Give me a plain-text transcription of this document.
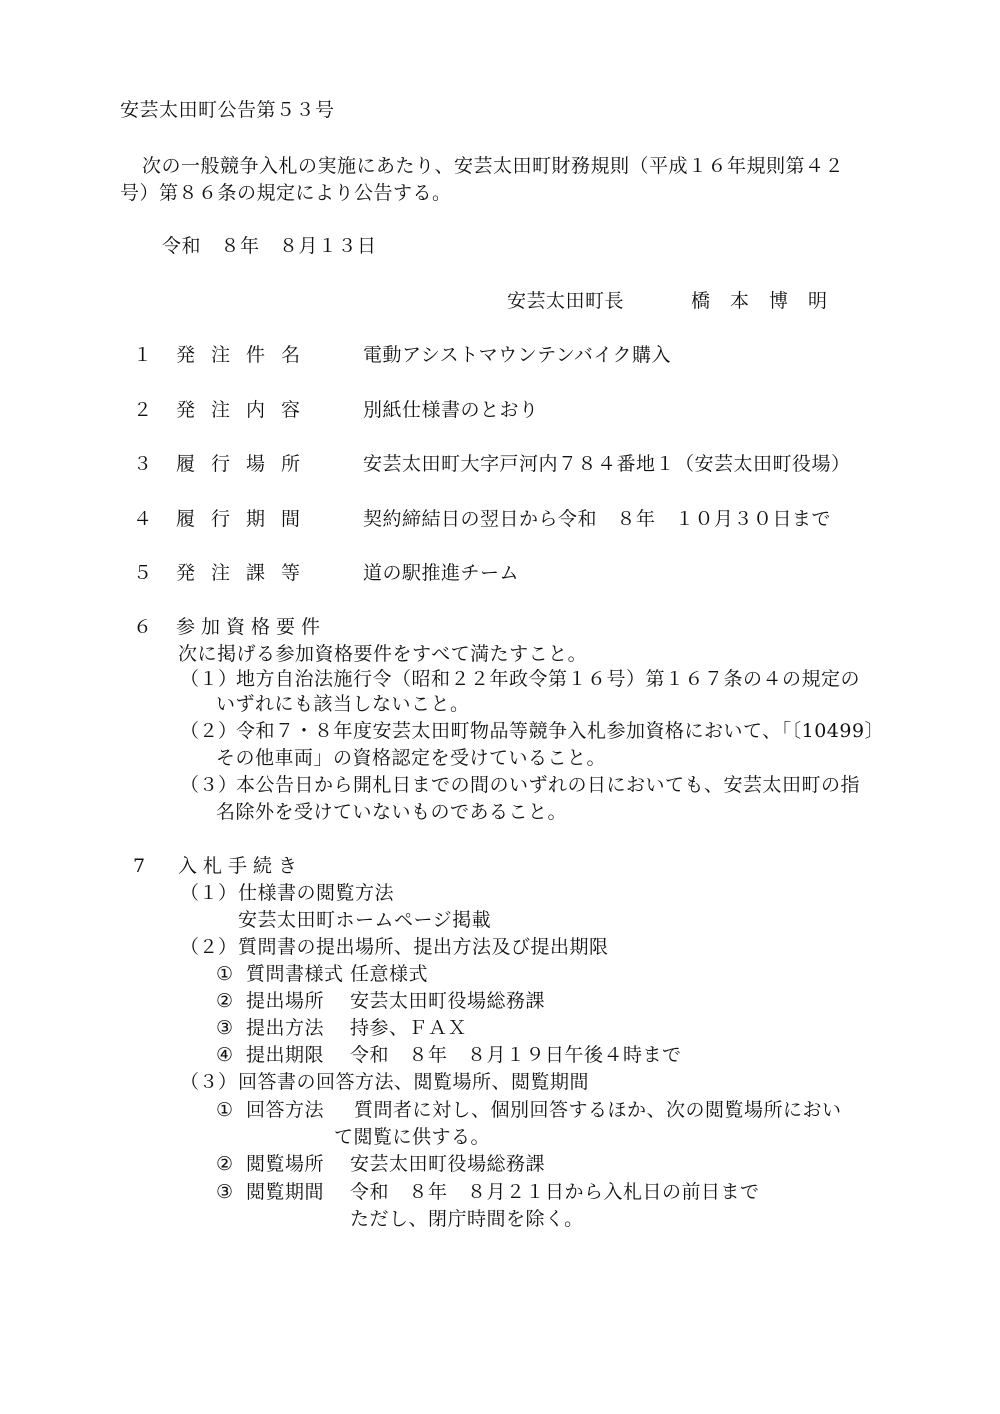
安芸太田町公告第５３号
次の一般競争入札の実施にあたり、安芸太田町財務規則（平成１６年規則第４２
号）第８６条の規定により公告する。
令和　８年　８月１３日
安芸太田町長	橋　本　博　明
１ 発注件名 電動アシストマウンテンバイク購入
２ 発注内容 別紙仕様書のとおり
３ 履行場所 安芸太田町大字戸河内７８４番地１（安芸太田町役場）
４ 履行期間 契約締結日の翌日から令和　８年　１０月３０日まで
５ 発注課等 道の駅推進チーム
６ 参加資格要件
次に掲げる参加資格要件をすべて満たすこと。
（１）
地方自治法施行令（昭和２２年政令第１６号）第１６７条の４の規定の
いずれにも該当しないこと。
（２）
令和７・８年度安芸太田町物品等競争入札参加資格において、「〔10499〕
その他車両」の資格認定を受けていること。
（３）
本公告日から開札日までの間のいずれの日においても、安芸太田町の指
名除外を受けていないものであること。
7 入札手続き
（１） 仕様書の閲覧方法
安芸太田町ホームページ掲載
（２） 質問書の提出場所、提出方法及び提出期限
① 質問書様式 任意様式
② 提出場所 安芸太田町役場総務課
③ 提出方法 持参、ＦＡＸ
④ 提出期限 令和　８年　８月１９日午後４時まで
（３） 回答書の回答方法、閲覧場所、閲覧期間
① 回答方法 質問者に対し、個別回答するほか、次の閲覧場所におい
て閲覧に供する。
② 閲覧場所 安芸太田町役場総務課
③ 閲覧期間 令和　８年　８月２１日から入札日の前日まで
ただし、閉庁時間を除く。
